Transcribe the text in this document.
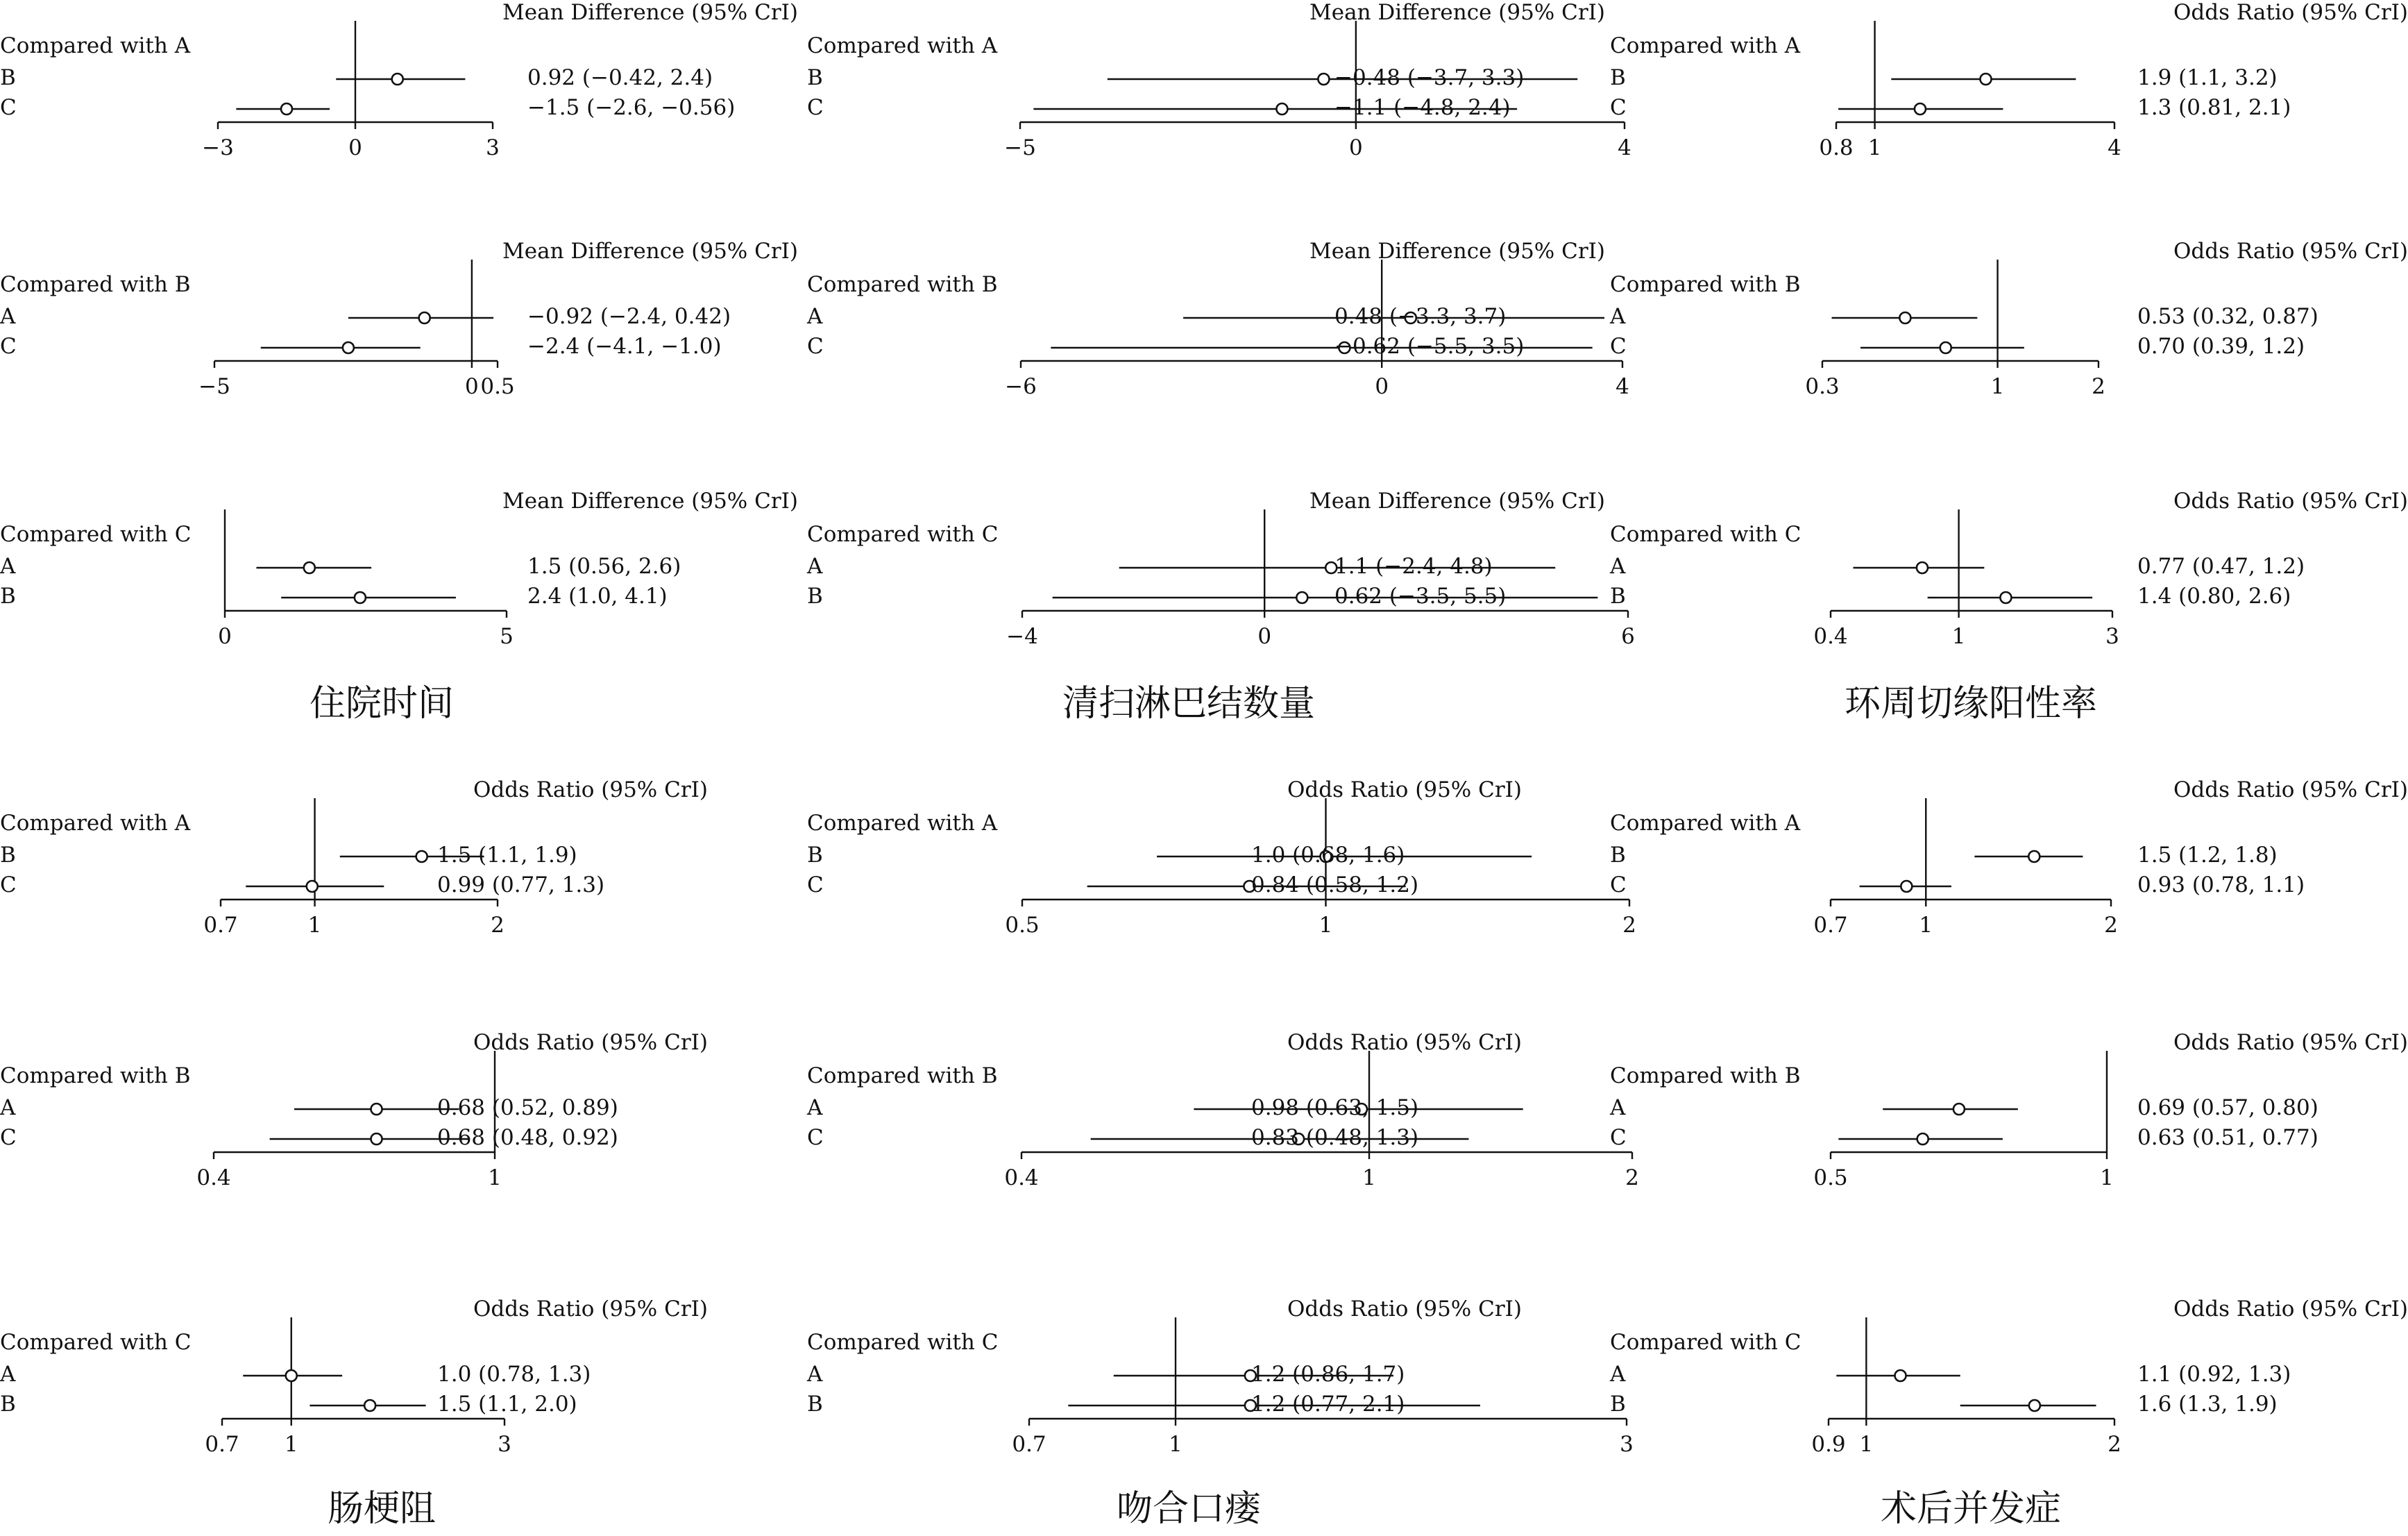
Mean Difference (95% CrI)
Compared with A
−3	0	3
B	0.92 (−0.42, 2.4)
C	−1.5 (−2.6, −0.56)
Mean Difference (95% CrI)
Compared with A
−5	0	4
B	−0.48 (−3.7, 3.3)
C	−1.1 (−4.8, 2.4)
Odds Ratio (95% CrI)
Compared with A
0.8 1	4
B	1.9 (1.1, 3.2)
C	1.3 (0.81, 2.1)
Mean Difference (95% CrI)
Compared with B
−5	0 0.5
A	−0.92 (−2.4, 0.42)
C	−2.4 (−4.1, −1.0)
Mean Difference (95% CrI)
Compared with B
−6	0	4
A	0.48 (−3.3, 3.7)
C	−0.62 (−5.5, 3.5)
Odds Ratio (95% CrI)
Compared with B
0.3	1	2
A	0.53 (0.32, 0.87)
C	0.70 (0.39, 1.2)
Mean Difference (95% CrI)
Compared with C
0	5
A	1.5 (0.56, 2.6)
B	2.4 (1.0, 4.1)
Mean Difference (95% CrI)
Compared with C
−4	0	6
A	1.1 (−2.4, 4.8)
B	0.62 (−3.5, 5.5)
Odds Ratio (95% CrI)
Compared with C
0.4	1	3
A	0.77 (0.47, 1.2)
B	1.4 (0.80, 2.6)
住院时间	清扫淋巴结数量	环周切缘阳性率
Odds Ratio (95% CrI)
Compared with A
0.7	1	2
B	1.5 (1.1, 1.9)
C	0.99 (0.77, 1.3)
Odds Ratio (95% CrI)
Compared with A
0.5	1	2
B	1.0 (0.68, 1.6)
C	0.84 (0.58, 1.2)
Odds Ratio (95% CrI)
Compared with A
0.7	1	2
B	1.5 (1.2, 1.8)
C	0.93 (0.78, 1.1)
Odds Ratio (95% CrI)
Compared with B
0.4	1
A	0.68 (0.52, 0.89)
C	0.68 (0.48, 0.92)
Odds Ratio (95% CrI)
Compared with B
0.4	1	2
A	0.98 (0.63, 1.5)
C	0.83 (0.48, 1.3)
Odds Ratio (95% CrI)
Compared with B
0.5	1
A	0.69 (0.57, 0.80)
C	0.63 (0.51, 0.77)
Odds Ratio (95% CrI)
Compared with C
0.7	1	3
A	1.0 (0.78, 1.3)
B	1.5 (1.1, 2.0)
Odds Ratio (95% CrI)
Compared with C
0.7	1	3
A	1.2 (0.86, 1.7)
B	1.2 (0.77, 2.1)
Odds Ratio (95% CrI)
Compared with C
0.9 1	2
A	1.1 (0.92, 1.3)
B	1.6 (1.3, 1.9)
肠梗阻	吻合口瘘	术后并发症
